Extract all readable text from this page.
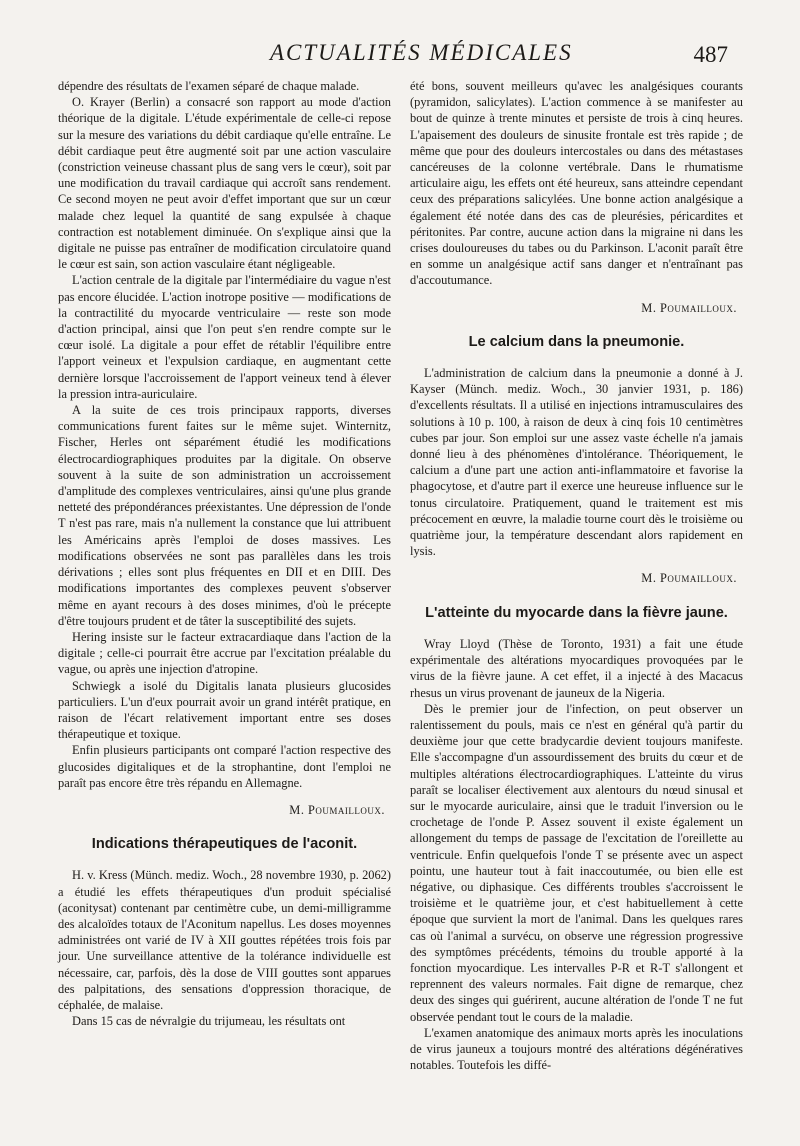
ACTUALITÉS MÉDICALES	487

dépendre des résultats de l'examen séparé de chaque malade.

O. Krayer (Berlin) a consacré son rapport au mode d'action théorique de la digitale. L'étude expérimentale de celle-ci repose sur la mesure des variations du débit cardiaque qu'elle entraîne. Le débit cardiaque peut être augmenté soit par une action vasculaire (constriction veineuse chassant plus de sang vers le cœur), soit par une modification du travail cardiaque qui accroît sans rendement. Ce second moyen ne peut avoir d'effet important que sur un cœur malade chez lequel la quantité de sang expulsée à chaque contraction est notablement diminuée. On s'explique ainsi que la digitale ne puisse pas entraîner de modification circulatoire quand le cœur est sain, son action vasculaire étant négligeable.

L'action centrale de la digitale par l'intermédiaire du vague n'est pas encore élucidée. L'action inotrope positive — modifications de la contractilité du myocarde ventriculaire — reste son mode d'action principal, ainsi que l'on peut s'en rendre compte sur le cœur isolé. La digitale a pour effet de rétablir l'équilibre entre l'apport veineux et l'expulsion cardiaque, en augmentant cette dernière lorsque l'accroissement de l'apport veineux tend à élever la pression intra-auriculaire.

A la suite de ces trois principaux rapports, diverses communications furent faites sur le même sujet. Winternitz, Fischer, Herles ont séparément étudié les modifications électrocardiographiques produites par la digitale. On observe souvent à la suite de son administration un accroissement d'amplitude des complexes ventriculaires, ainsi qu'une plus grande netteté des prépondérances préexistantes. Une dépression de l'onde T n'est pas rare, mais n'a nullement la constance que lui attribuent les Américains après l'emploi de doses massives. Les modifications observées ne sont pas parallèles dans les trois dérivations ; elles sont plus fréquentes en DII et en DIII. Des modifications importantes des complexes peuvent s'observer même en ayant recours à des doses minimes, d'où le précepte d'être toujours prudent et de tâter la susceptibilité des sujets.

Hering insiste sur le facteur extracardiaque dans l'action de la digitale ; celle-ci pourrait être accrue par l'excitation préalable du vague, ou après une injection d'atropine.

Schwiegk a isolé du Digitalis lanata plusieurs glucosides particuliers. L'un d'eux pourrait avoir un grand intérêt pratique, en raison de l'écart relativement important entre ses doses thérapeutique et toxique.

Enfin plusieurs participants ont comparé l'action respective des glucosides digitaliques et de la strophantine, dont l'emploi ne paraît pas encore être très répandu en Allemagne.

M. Poumailloux.
Indications thérapeutiques de l'aconit.

H. v. Kress (Münch. mediz. Woch., 28 novembre 1930, p. 2062) a étudié les effets thérapeutiques d'un produit spécialisé (aconitysat) contenant par centimètre cube, un demi-milligramme des alcaloïdes totaux de l'Aconitum napellus. Les doses moyennes administrées ont varié de IV à XII gouttes répétées trois fois par jour. Une surveillance attentive de la tolérance individuelle est nécessaire, car, parfois, dès la dose de VIII gouttes sont apparues des palpitations, des sensations d'oppression thoracique, de céphalée, de malaise.

Dans 15 cas de névralgie du trijumeau, les résultats ont

été bons, souvent meilleurs qu'avec les analgésiques courants (pyramidon, salicylates). L'action commence à se manifester au bout de quinze à trente minutes et persiste de trois à cinq heures. L'apaisement des douleurs de sinusite frontale est très rapide ; de même que pour des douleurs intercostales ou dans des métastases cancéreuses de la colonne vertébrale. Dans le rhumatisme articulaire aigu, les effets ont été heureux, sans atteindre cependant ceux des préparations salicylées. Une bonne action analgésique a également été notée dans des cas de pleurésies, péricardites et péritonites. Par contre, aucune action dans la migraine ni dans les crises douloureuses du tabes ou du Parkinson. L'aconit paraît être en somme un analgésique actif sans danger et n'entraînant pas d'accoutumance.

M. Poumailloux.
Le calcium dans la pneumonie.

L'administration de calcium dans la pneumonie a donné à J. Kayser (Münch. mediz. Woch., 30 janvier 1931, p. 186) d'excellents résultats. Il a utilisé en injections intramusculaires des solutions à 10 p. 100, à raison de deux à cinq fois 10 centimètres cubes par jour. Son emploi sur une assez vaste échelle n'a jamais donné lieu à des phénomènes d'intolérance. Théoriquement, le calcium a d'une part une action anti-inflammatoire et favorise la phagocytose, et d'autre part il exerce une heureuse influence sur le tonus circulatoire. Pratiquement, quand le traitement est mis précocement en œuvre, la maladie tourne court dès le troisième ou quatrième jour, la température descendant alors rapidement en lysis.

M. Poumailloux.
L'atteinte du myocarde dans la fièvre jaune.

Wray Lloyd (Thèse de Toronto, 1931) a fait une étude expérimentale des altérations myocardiques provoquées par le virus de la fièvre jaune. A cet effet, il a injecté à des Macacus rhesus un virus provenant de jauneux de la Nigeria.

Dès le premier jour de l'infection, on peut observer un ralentissement du pouls, mais ce n'est en général qu'à partir du deuxième jour que cette bradycardie devient toujours manifeste. Elle s'accompagne d'un assourdissement des bruits du cœur et de multiples altérations électrocardiographiques. L'atteinte du virus paraît se localiser électivement aux alentours du nœud sinusal et sur le myocarde auriculaire, ainsi que le traduit l'inversion ou le crochetage de l'onde P. Assez souvent il existe également un allongement du temps de passage de l'excitation de l'oreillette au ventricule. Enfin quelquefois l'onde T se présente avec un aspect pointu, une hauteur tout à fait inaccoutumée, ou bien elle est négative, ou diphasique. Ces différents troubles s'accroissent le troisième et le quatrième jour, et c'est habituellement à cette époque que survient la mort de l'animal. Dans les quelques rares cas où l'animal a survécu, on observe une régression progressive des symptômes précédents, témoins du trouble apporté à la fonction myocardique. Les intervalles P-R et R-T s'allongent et reprennent des valeurs normales. Fait digne de remarque, chez deux des singes qui guérirent, aucune altération de l'onde T ne fut observée pendant tout le cours de la maladie.

L'examen anatomique des animaux morts après les inoculations de virus jauneux a toujours montré des altérations dégénératives notables. Toutefois les diffé-
